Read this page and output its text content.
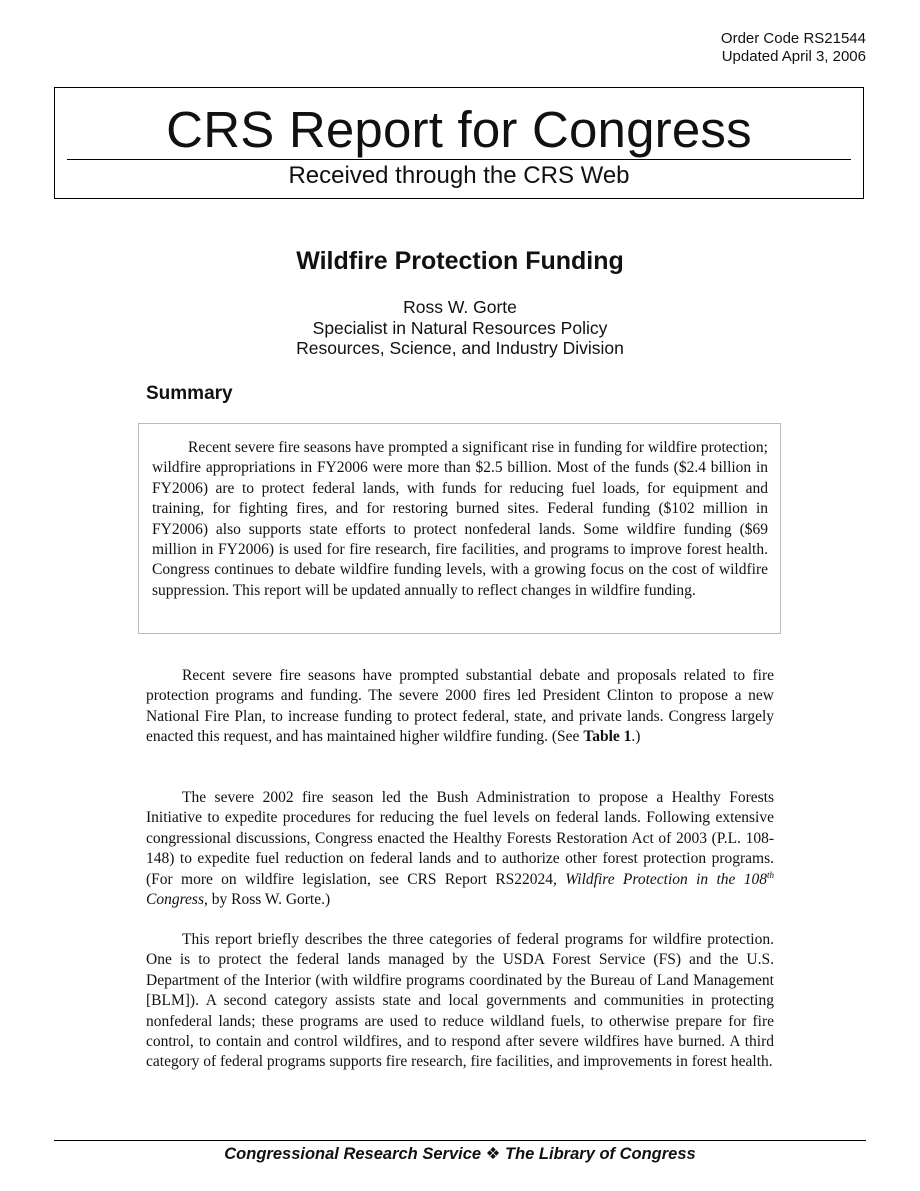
Order Code RS21544
Updated April 3, 2006
CRS Report for Congress
Received through the CRS Web
Wildfire Protection Funding
Ross W. Gorte
Specialist in Natural Resources Policy
Resources, Science, and Industry Division
Summary

Recent severe fire seasons have prompted a significant rise in funding for wildfire protection; wildfire appropriations in FY2006 were more than $2.5 billion. Most of the funds ($2.4 billion in FY2006) are to protect federal lands, with funds for reducing fuel loads, for equipment and training, for fighting fires, and for restoring burned sites. Federal funding ($102 million in FY2006) also supports state efforts to protect nonfederal lands. Some wildfire funding ($69 million in FY2006) is used for fire research, fire facilities, and programs to improve forest health. Congress continues to debate wildfire funding levels, with a growing focus on the cost of wildfire suppression. This report will be updated annually to reflect changes in wildfire funding.

Recent severe fire seasons have prompted substantial debate and proposals related to fire protection programs and funding. The severe 2000 fires led President Clinton to propose a new National Fire Plan, to increase funding to protect federal, state, and private lands. Congress largely enacted this request, and has maintained higher wildfire funding. (See Table 1.)

The severe 2002 fire season led the Bush Administration to propose a Healthy Forests Initiative to expedite procedures for reducing the fuel levels on federal lands. Following extensive congressional discussions, Congress enacted the Healthy Forests Restoration Act of 2003 (P.L. 108-148) to expedite fuel reduction on federal lands and to authorize other forest protection programs. (For more on wildfire legislation, see CRS Report RS22024, Wildfire Protection in the 108th Congress, by Ross W. Gorte.)

This report briefly describes the three categories of federal programs for wildfire protection. One is to protect the federal lands managed by the USDA Forest Service (FS) and the U.S. Department of the Interior (with wildfire programs coordinated by the Bureau of Land Management [BLM]). A second category assists state and local governments and communities in protecting nonfederal lands; these programs are used to reduce wildland fuels, to otherwise prepare for fire control, to contain and control wildfires, and to respond after severe wildfires have burned. A third category of federal programs supports fire research, fire facilities, and improvements in forest health.

Congressional Research Service ❖ The Library of Congress
